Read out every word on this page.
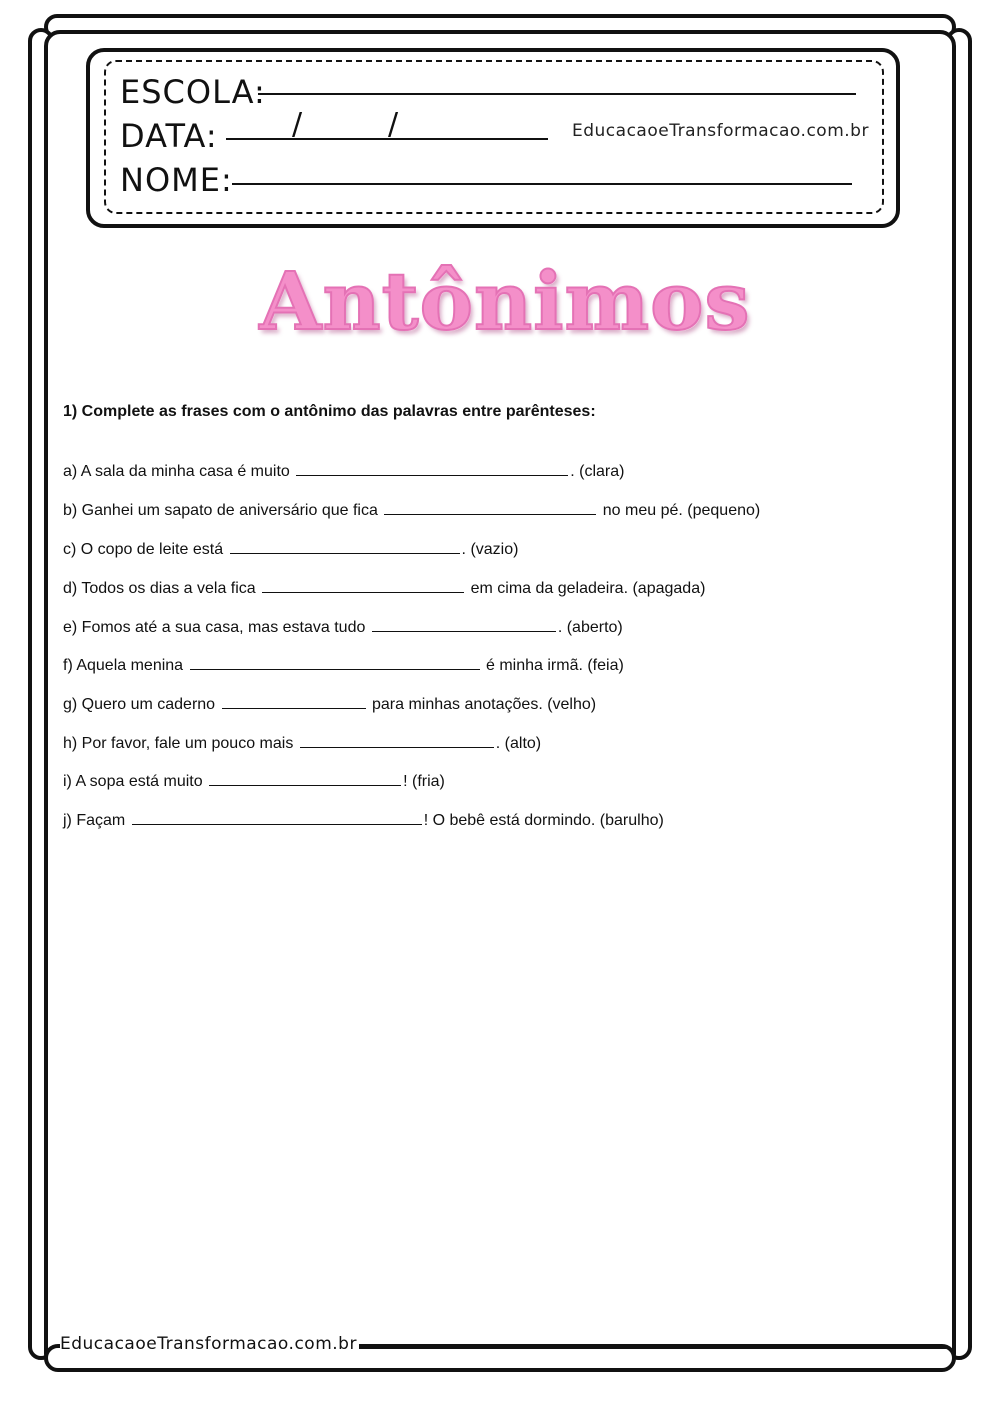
ESCOLA:
DATA: /	/	EducacaoeTransformacao.com.br
NOME:
Antônimos
1) Complete as frases com o antônimo das palavras entre parênteses:
a) A sala da minha casa é muito	. (clara)
b) Ganhei um sapato de aniversário que fica	no meu pé. (pequeno)
c) O copo de leite está	. (vazio)
d) Todos os dias a vela fica	em cima da geladeira. (apagada)
e) Fomos até a sua casa, mas estava tudo	. (aberto)
f) Aquela menina	é minha irmã. (feia)
g) Quero um caderno	para minhas anotações. (velho)
h) Por favor, fale um pouco mais	. (alto)
i) A sopa está muito	! (fria)
j) Façam	! O bebê está dormindo. (barulho)
EducacaoeTransformacao.com.br
